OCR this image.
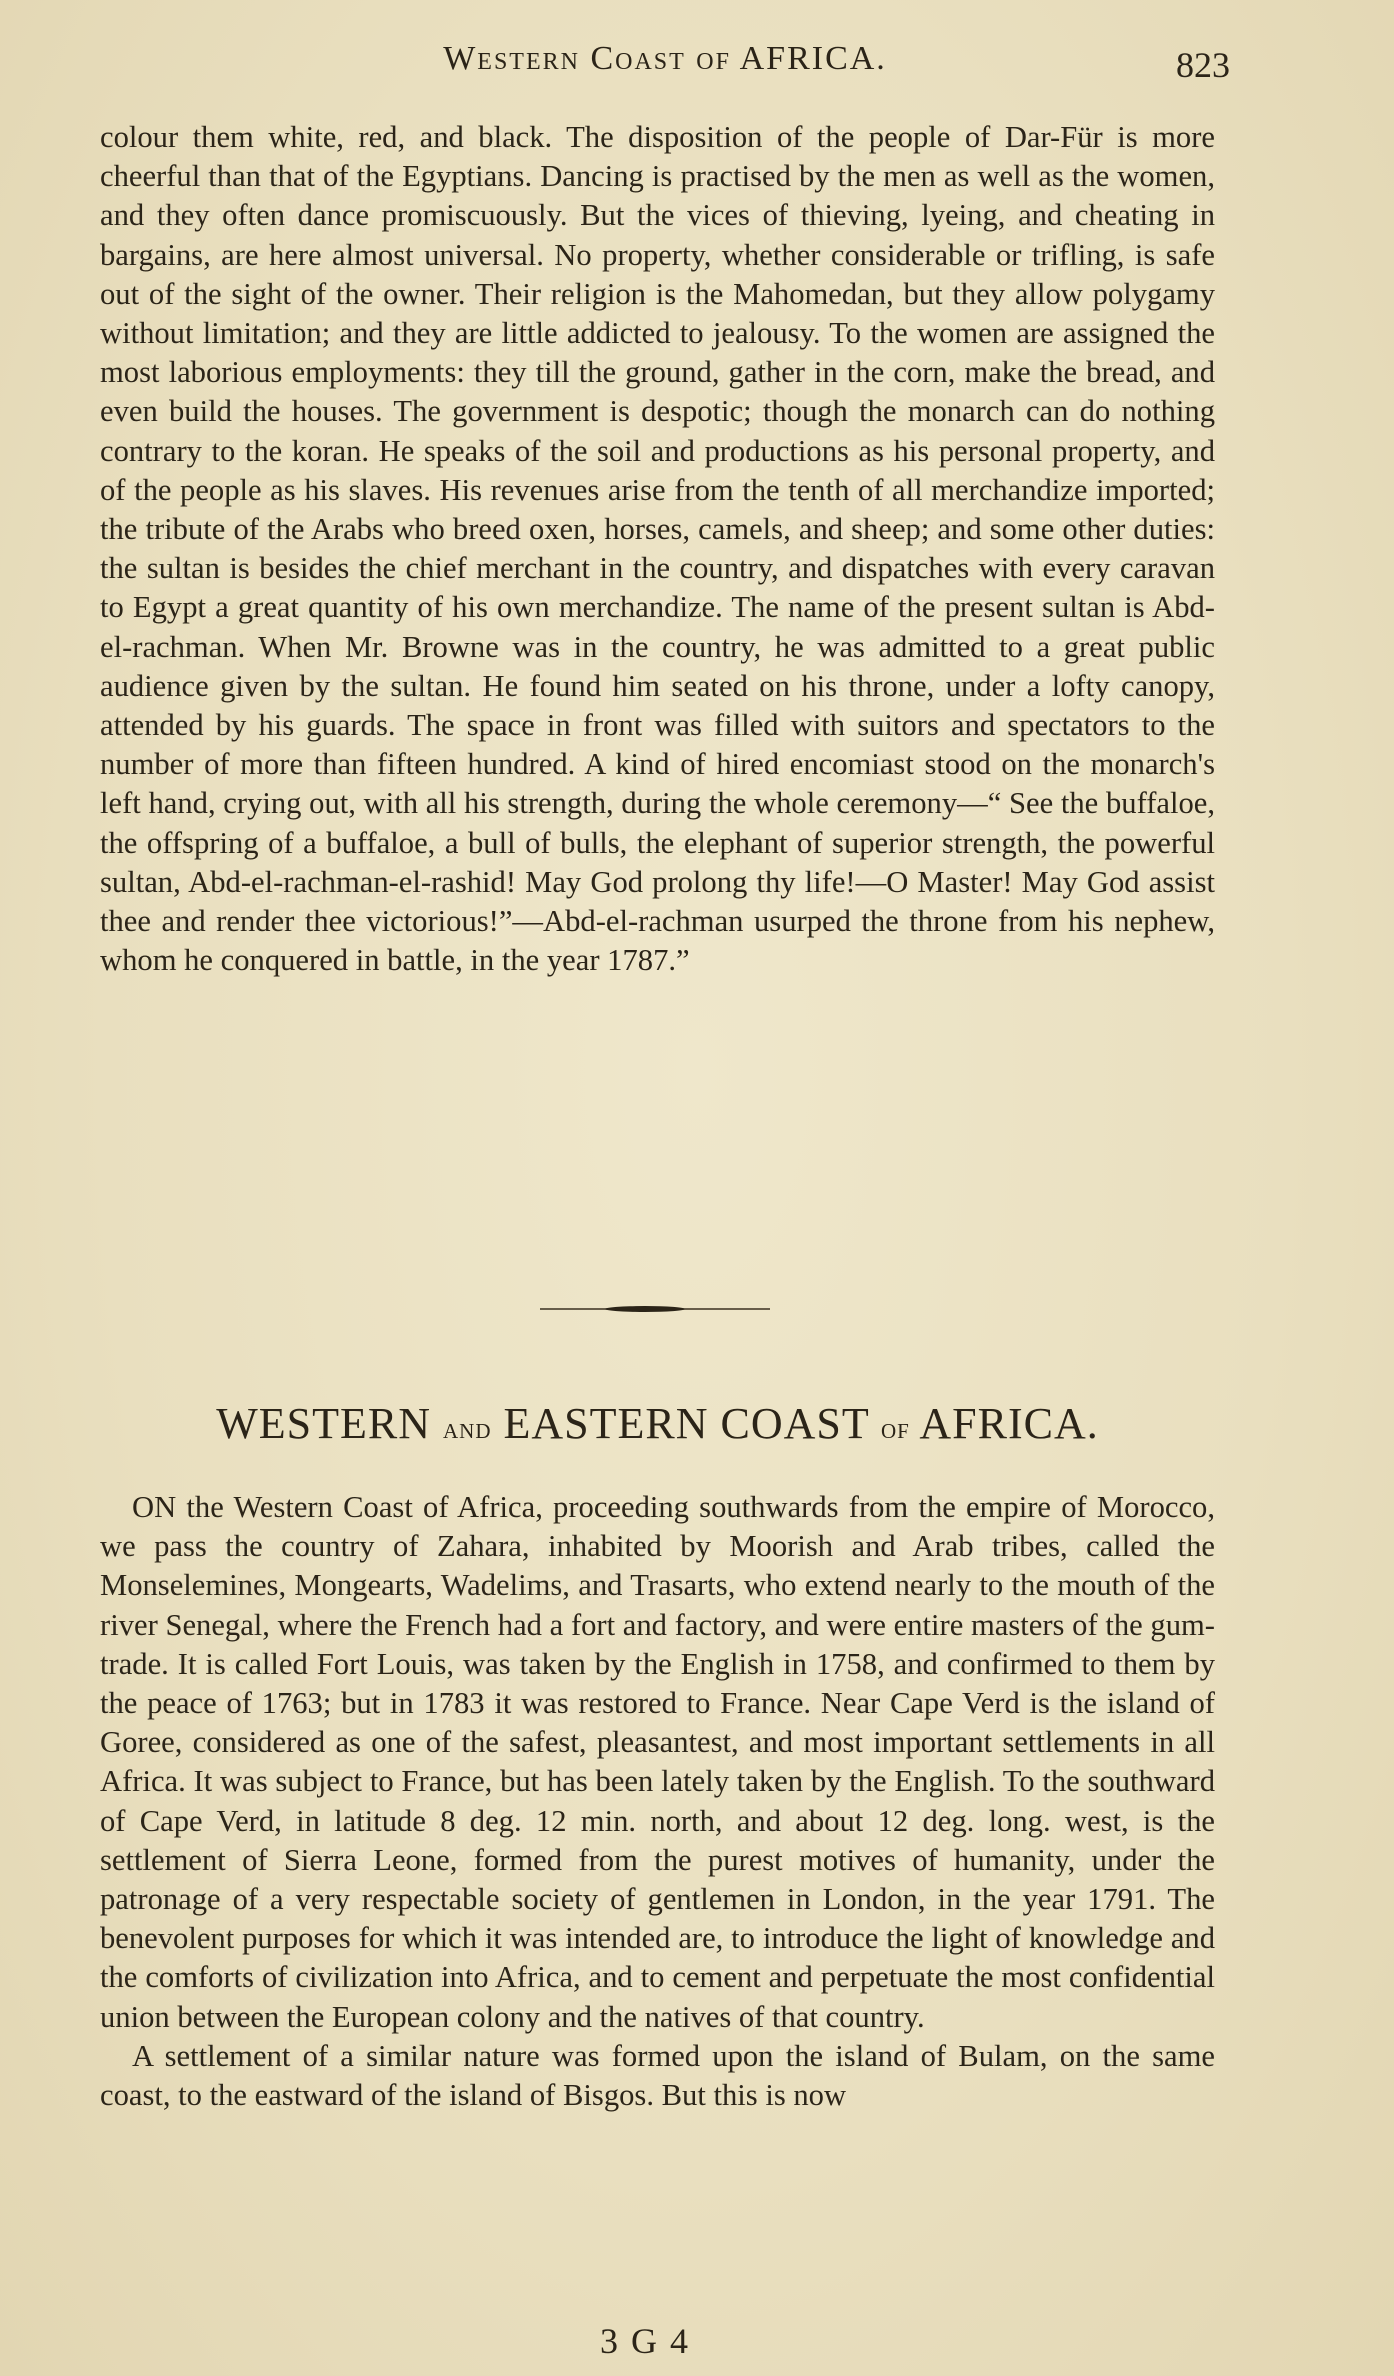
Western Coast of AFRICA.	823

colour them white, red, and black. The disposition of the people of Dar-Für is more cheerful than that of the Egyptians. Dancing is practised by the men as well as the women, and they often dance promiscuously. But the vices of thieving, lyeing, and cheating in bargains, are here almost universal. No property, whether considerable or trifling, is safe out of the sight of the owner. Their religion is the Mahomedan, but they allow polygamy without limitation; and they are little addicted to jealousy. To the women are assigned the most laborious employments: they till the ground, gather in the corn, make the bread, and even build the houses. The government is despotic; though the monarch can do nothing contrary to the koran. He speaks of the soil and productions as his personal property, and of the people as his slaves. His revenues arise from the tenth of all merchandize imported; the tribute of the Arabs who breed oxen, horses, camels, and sheep; and some other duties: the sultan is besides the chief merchant in the country, and dispatches with every caravan to Egypt a great quantity of his own merchandize. The name of the present sultan is Abd-el-rachman. When Mr. Browne was in the country, he was admitted to a great public audience given by the sultan. He found him seated on his throne, under a lofty canopy, attended by his guards. The space in front was filled with suitors and spectators to the number of more than fifteen hundred. A kind of hired encomiast stood on the monarch's left hand, crying out, with all his strength, during the whole ceremony—“ See the buffaloe, the offspring of a buffaloe, a bull of bulls, the elephant of superior strength, the powerful sultan, Abd-el-rachman-el-rashid! May God prolong thy life!—O Master! May God assist thee and render thee victorious!”—Abd-el-rachman usurped the throne from his nephew, whom he conquered in battle, in the year 1787.”

WESTERN and EASTERN COAST of AFRICA.

ON the Western Coast of Africa, proceeding southwards from the empire of Morocco, we pass the country of Zahara, inhabited by Moorish and Arab tribes, called the Monselemines, Mongearts, Wadelims, and Trasarts, who extend nearly to the mouth of the river Senegal, where the French had a fort and factory, and were entire masters of the gum-trade. It is called Fort Louis, was taken by the English in 1758, and confirmed to them by the peace of 1763; but in 1783 it was restored to France. Near Cape Verd is the island of Goree, considered as one of the safest, pleasantest, and most important settlements in all Africa. It was subject to France, but has been lately taken by the English. To the southward of Cape Verd, in latitude 8 deg. 12 min. north, and about 12 deg. long. west, is the settlement of Sierra Leone, formed from the purest motives of humanity, under the patronage of a very respectable society of gentlemen in London, in the year 1791. The benevolent purposes for which it was intended are, to introduce the light of knowledge and the comforts of civilization into Africa, and to cement and perpetuate the most confidential union between the European colony and the natives of that country.

A settlement of a similar nature was formed upon the island of Bulam, on the same coast, to the eastward of the island of Bisgos. But this is now

3 G 4
